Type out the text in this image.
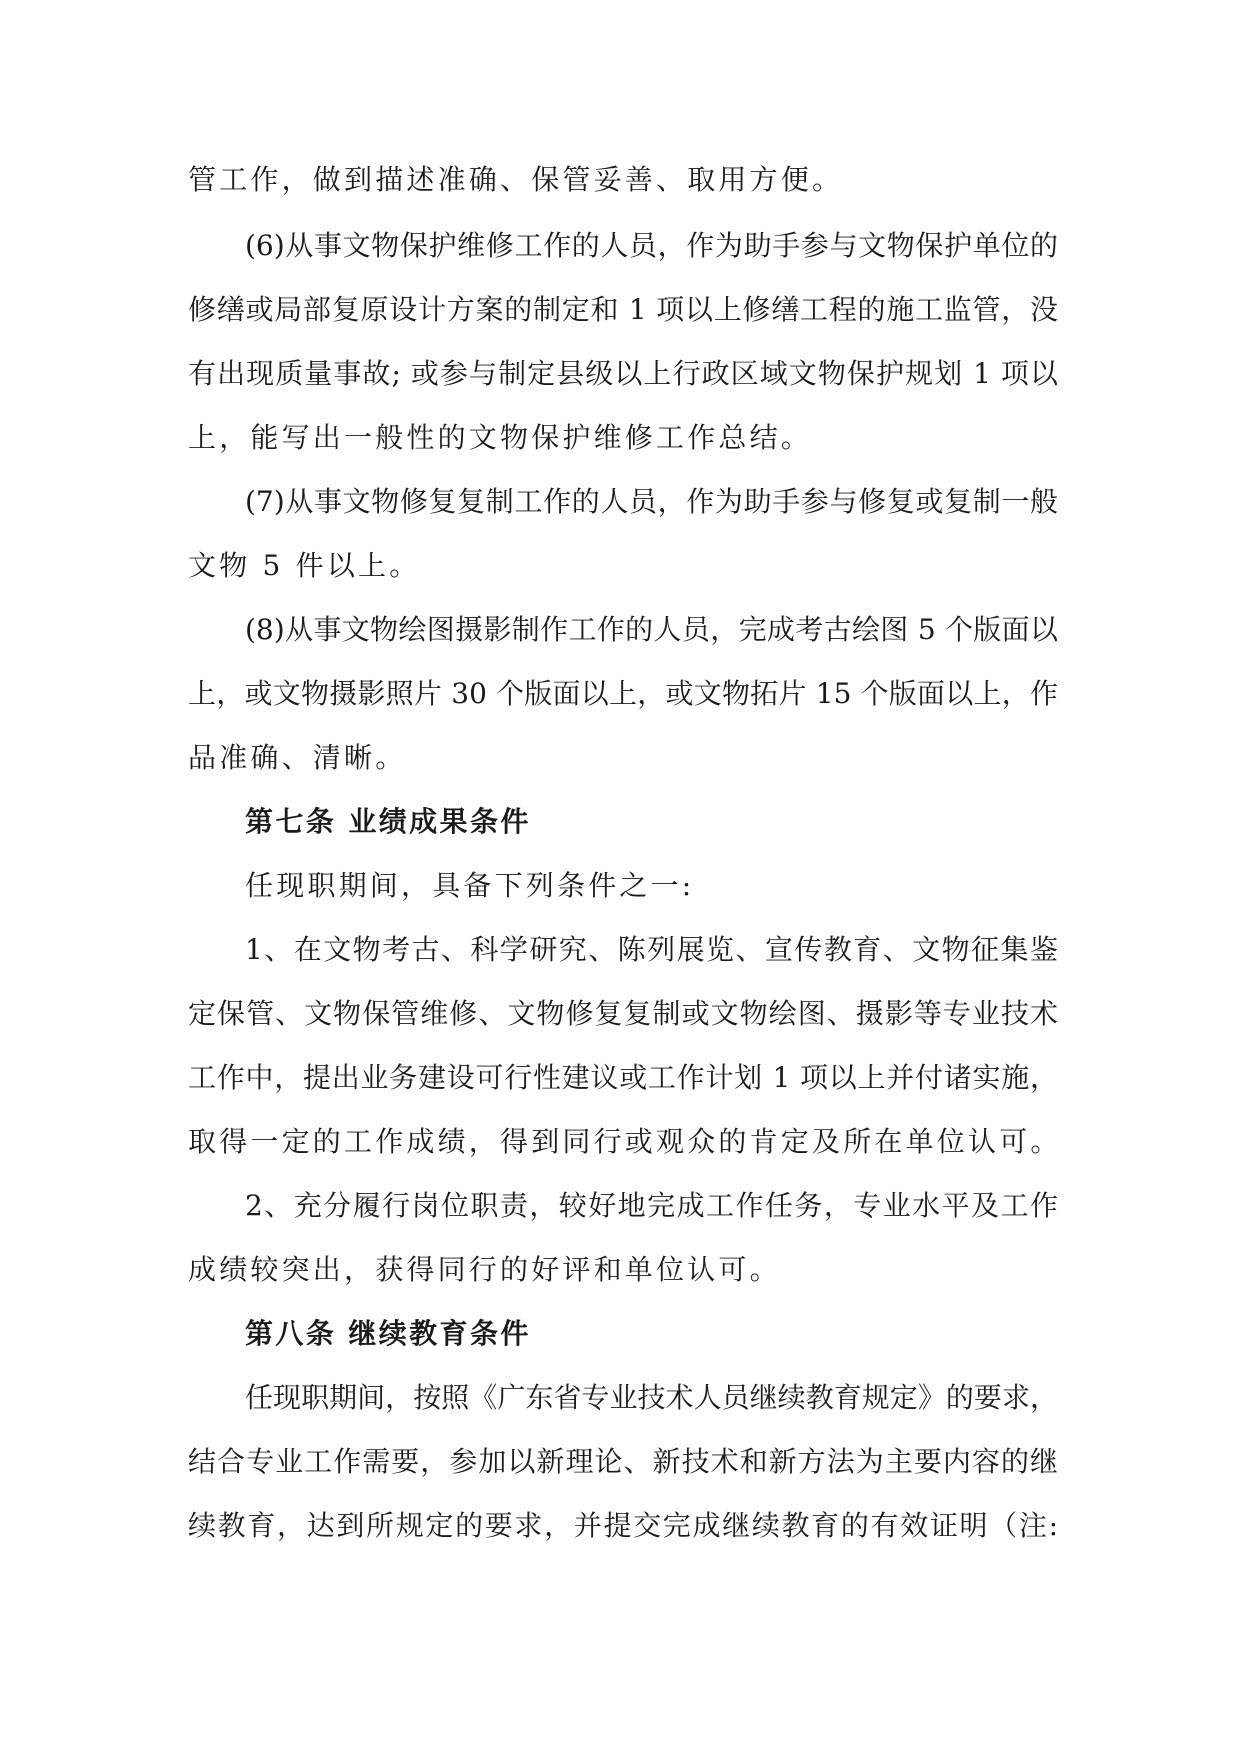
管工作，做到描述准确、保管妥善、取用方便。
(6)从事文物保护维修工作的人员，作为助手参与文物保护单位的
修缮或局部复原设计方案的制定和 1 项以上修缮工程的施工监管，没
有出现质量事故; 或参与制定县级以上行政区域文物保护规划 1 项以
上，能写出一般性的文物保护维修工作总结。
(7)从事文物修复复制工作的人员，作为助手参与修复或复制一般
文物 5 件以上。
(8)从事文物绘图摄影制作工作的人员，完成考古绘图 5 个版面以
上，或文物摄影照片 30 个版面以上，或文物拓片 15 个版面以上，作
品准确、清晰。
第七条 业绩成果条件
任现职期间，具备下列条件之一:
1、在文物考古、科学研究、陈列展览、宣传教育、文物征集鉴
定保管、文物保管维修、文物修复复制或文物绘图、摄影等专业技术
工作中，提出业务建设可行性建议或工作计划 1 项以上并付诸实施，
取得一定的工作成绩，得到同行或观众的肯定及所在单位认可。
2、充分履行岗位职责，较好地完成工作任务，专业水平及工作
成绩较突出，获得同行的好评和单位认可。
第八条 继续教育条件
任现职期间，按照《广东省专业技术人员继续教育规定》的要求，
结合专业工作需要，参加以新理论、新技术和新方法为主要内容的继
续教育，达到所规定的要求，并提交完成继续教育的有效证明（注:
